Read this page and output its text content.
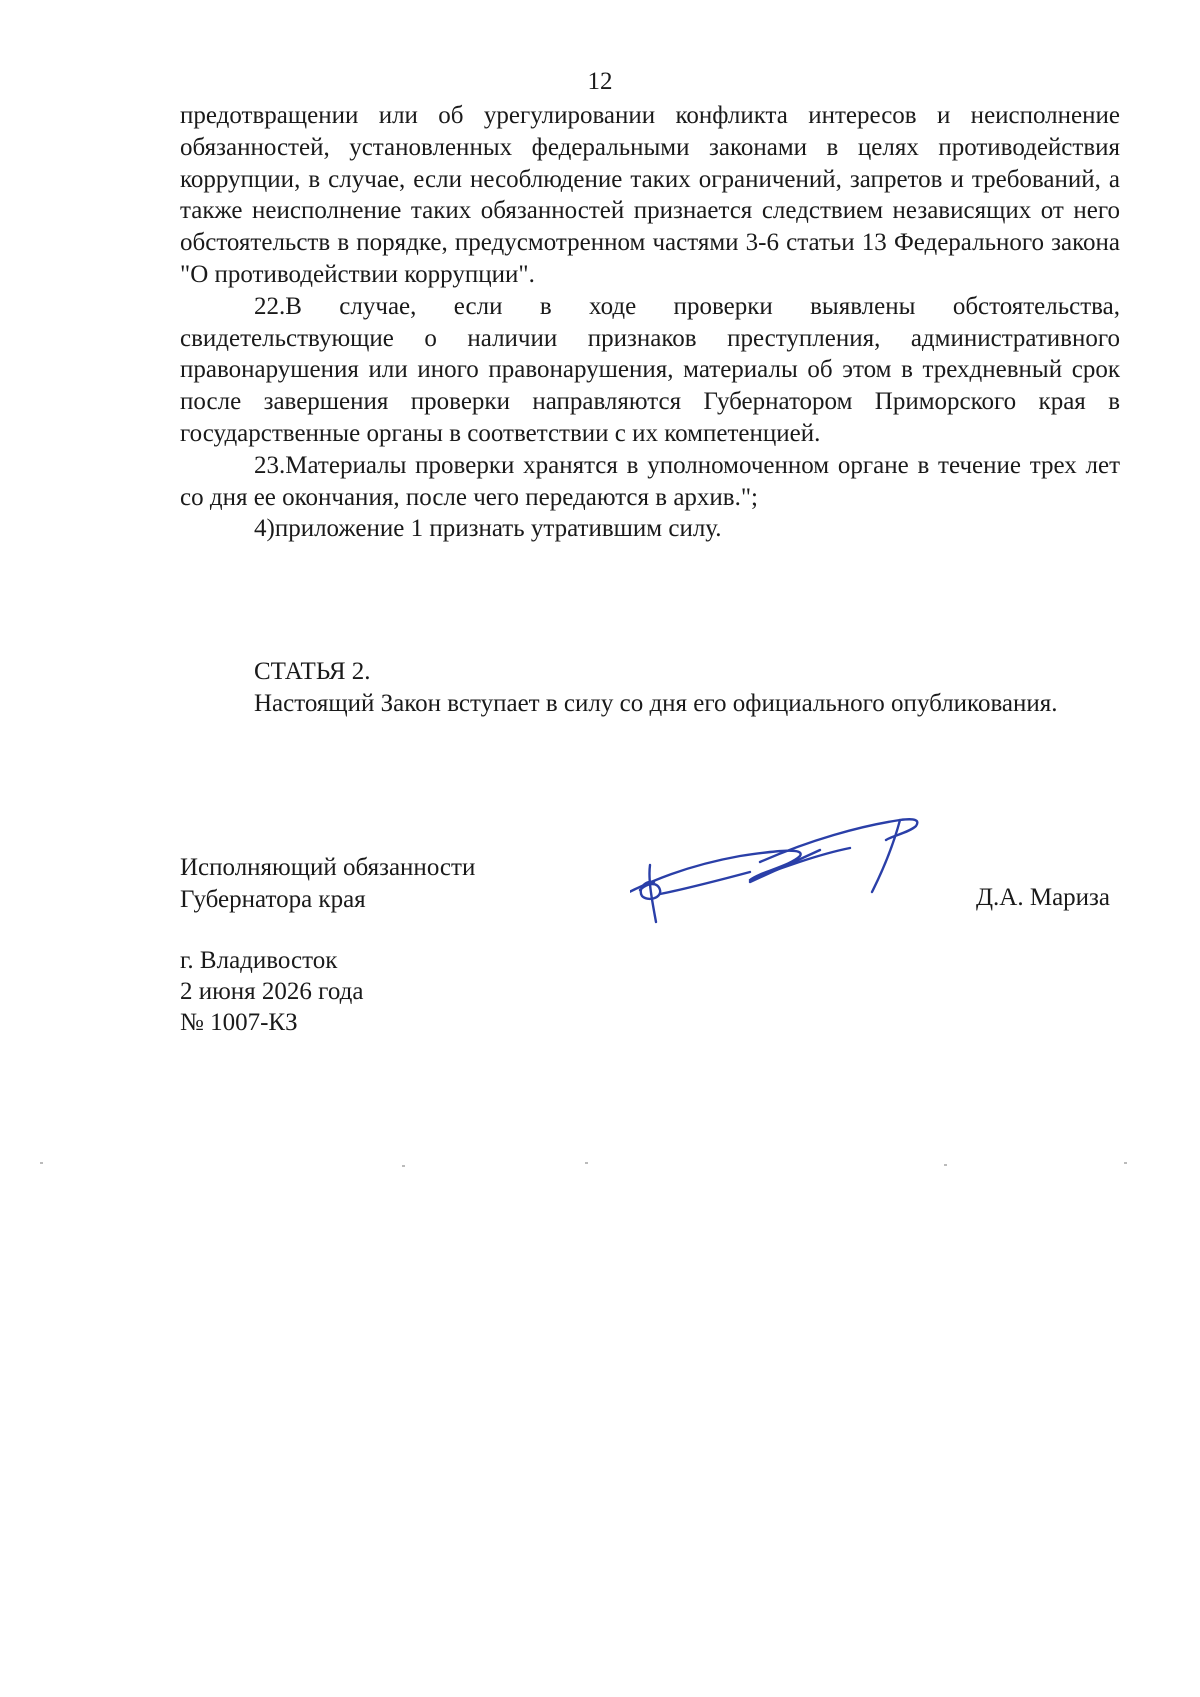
12

предотвращении или об урегулировании конфликта интересов и неисполнение обязанностей, установленных федеральными законами в целях противодействия коррупции, в случае, если несоблюдение таких ограничений, запретов и требований, а также неисполнение таких обязанностей признается следствием независящих от него обстоятельств в порядке, предусмотренном частями 3-6 статьи 13 Федерального закона "О противодействии коррупции".

22.В случае, если в ходе проверки выявлены обстоятельства, свидетельствующие о наличии признаков преступления, административного правонарушения или иного правонарушения, материалы об этом в трехдневный срок после завершения проверки направляются Губернатором Приморского края в государственные органы в соответствии с их компетенцией.

23.Материалы проверки хранятся в уполномоченном органе в течение трех лет со дня ее окончания, после чего передаются в архив.";

4)приложение 1 признать утратившим силу.

СТАТЬЯ 2.

Настоящий Закон вступает в силу со дня его официального опубликования.

Исполняющий обязанности
Губернатора края	Д.А. Мариза
г. Владивосток
2 июня 2026 года
№ 1007-КЗ
